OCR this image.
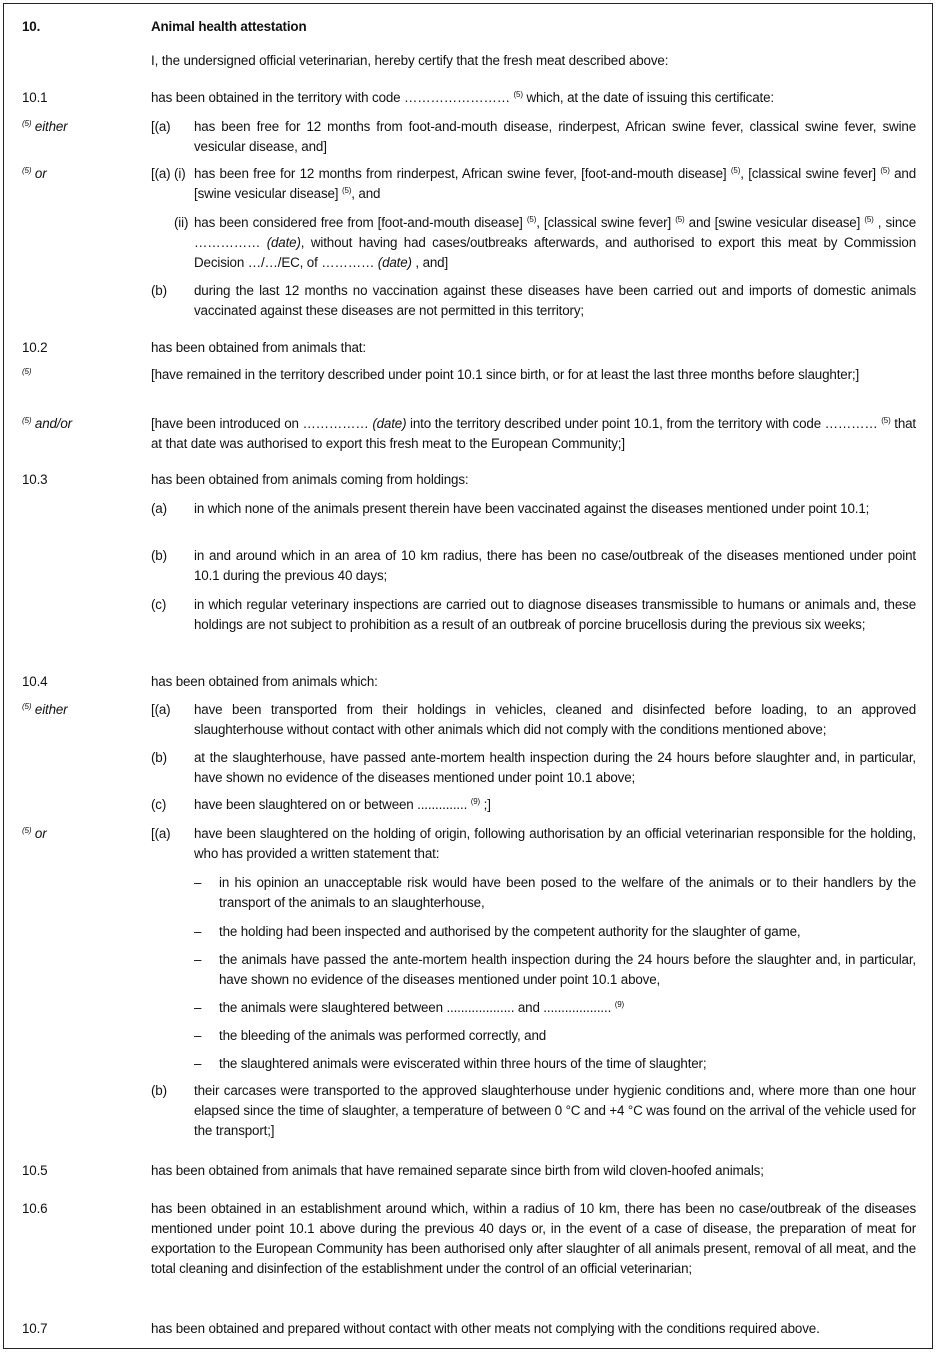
10.	Animal health attestation
I, the undersigned official veterinarian, hereby certify that the fresh meat described above:
10.1	has been obtained in the territory with code …………………… $^{(5)}$ which, at the date of issuing this certificate:
$^{(5)}$ either	[(a) has been free for 12 months from foot-and-mouth disease, rinderpest, African swine fever, classical swine fever, swine vesicular disease, and]
$^{(5)}$ or	[(a) (i) has been free for 12 months from rinderpest, African swine fever, [foot-and-mouth disease] $^{(5)}$, [classical swine fever] $^{(5)}$ and [swine vesicular disease] $^{(5)}$, and
(ii) has been considered free from [foot-and-mouth disease] $^{(5)}$, [classical swine fever] $^{(5)}$ and [swine vesicular disease] $^{(5)}$ , since …………… (date), without having had cases/outbreaks afterwards, and authorised to export this meat by Commission Decision …/…/EC, of ………… (date) , and]
(b) during the last 12 months no vaccination against these diseases have been carried out and imports of domestic animals vaccinated against these diseases are not permitted in this territory;
10.2	has been obtained from animals that:
$^{(5)}$	[have remained in the territory described under point 10.1 since birth, or for at least the last three months before slaughter;]
$^{(5)}$ and/or	[have been introduced on …………… (date) into the territory described under point 10.1, from the territory with code ………… $^{(5)}$ that at that date was authorised to export this fresh meat to the European Community;]
10.3	has been obtained from animals coming from holdings:
(a) in which none of the animals present therein have been vaccinated against the diseases mentioned under point 10.1;
(b) in and around which in an area of 10 km radius, there has been no case/outbreak of the diseases mentioned under point 10.1 during the previous 40 days;
(c) in which regular veterinary inspections are carried out to diagnose diseases transmissible to humans or animals and, these holdings are not subject to prohibition as a result of an outbreak of porcine brucellosis during the previous six weeks;
10.4	has been obtained from animals which:
$^{(5)}$ either	[(a) have been transported from their holdings in vehicles, cleaned and disinfected before loading, to an approved slaughterhouse without contact with other animals which did not comply with the conditions mentioned above;
(b) at the slaughterhouse, have passed ante-mortem health inspection during the 24 hours before slaughter and, in particular, have shown no evidence of the diseases mentioned under point 10.1 above;
(c) have been slaughtered on or between .............. $^{(9)}$ ;]
$^{(5)}$ or	[(a) have been slaughtered on the holding of origin, following authorisation by an official veterinarian responsible for the holding, who has provided a written statement that:
– in his opinion an unacceptable risk would have been posed to the welfare of the animals or to their handlers by the transport of the animals to an slaughterhouse,
– the holding had been inspected and authorised by the competent authority for the slaughter of game,
– the animals have passed the ante-mortem health inspection during the 24 hours before the slaughter and, in particular, have shown no evidence of the diseases mentioned under point 10.1 above,
– the animals were slaughtered between ................... and ................... $^{(9)}$
– the bleeding of the animals was performed correctly, and
– the slaughtered animals were eviscerated within three hours of the time of slaughter;
(b) their carcases were transported to the approved slaughterhouse under hygienic conditions and, where more than one hour elapsed since the time of slaughter, a temperature of between 0 °C and +4 °C was found on the arrival of the vehicle used for the transport;]
10.5	has been obtained from animals that have remained separate since birth from wild cloven-hoofed animals;
10.6	has been obtained in an establishment around which, within a radius of 10 km, there has been no case/outbreak of the diseases mentioned under point 10.1 above during the previous 40 days or, in the event of a case of disease, the preparation of meat for exportation to the European Community has been authorised only after slaughter of all animals present, removal of all meat, and the total cleaning and disinfection of the establishment under the control of an official veterinarian;
10.7	has been obtained and prepared without contact with other meats not complying with the conditions required above.
